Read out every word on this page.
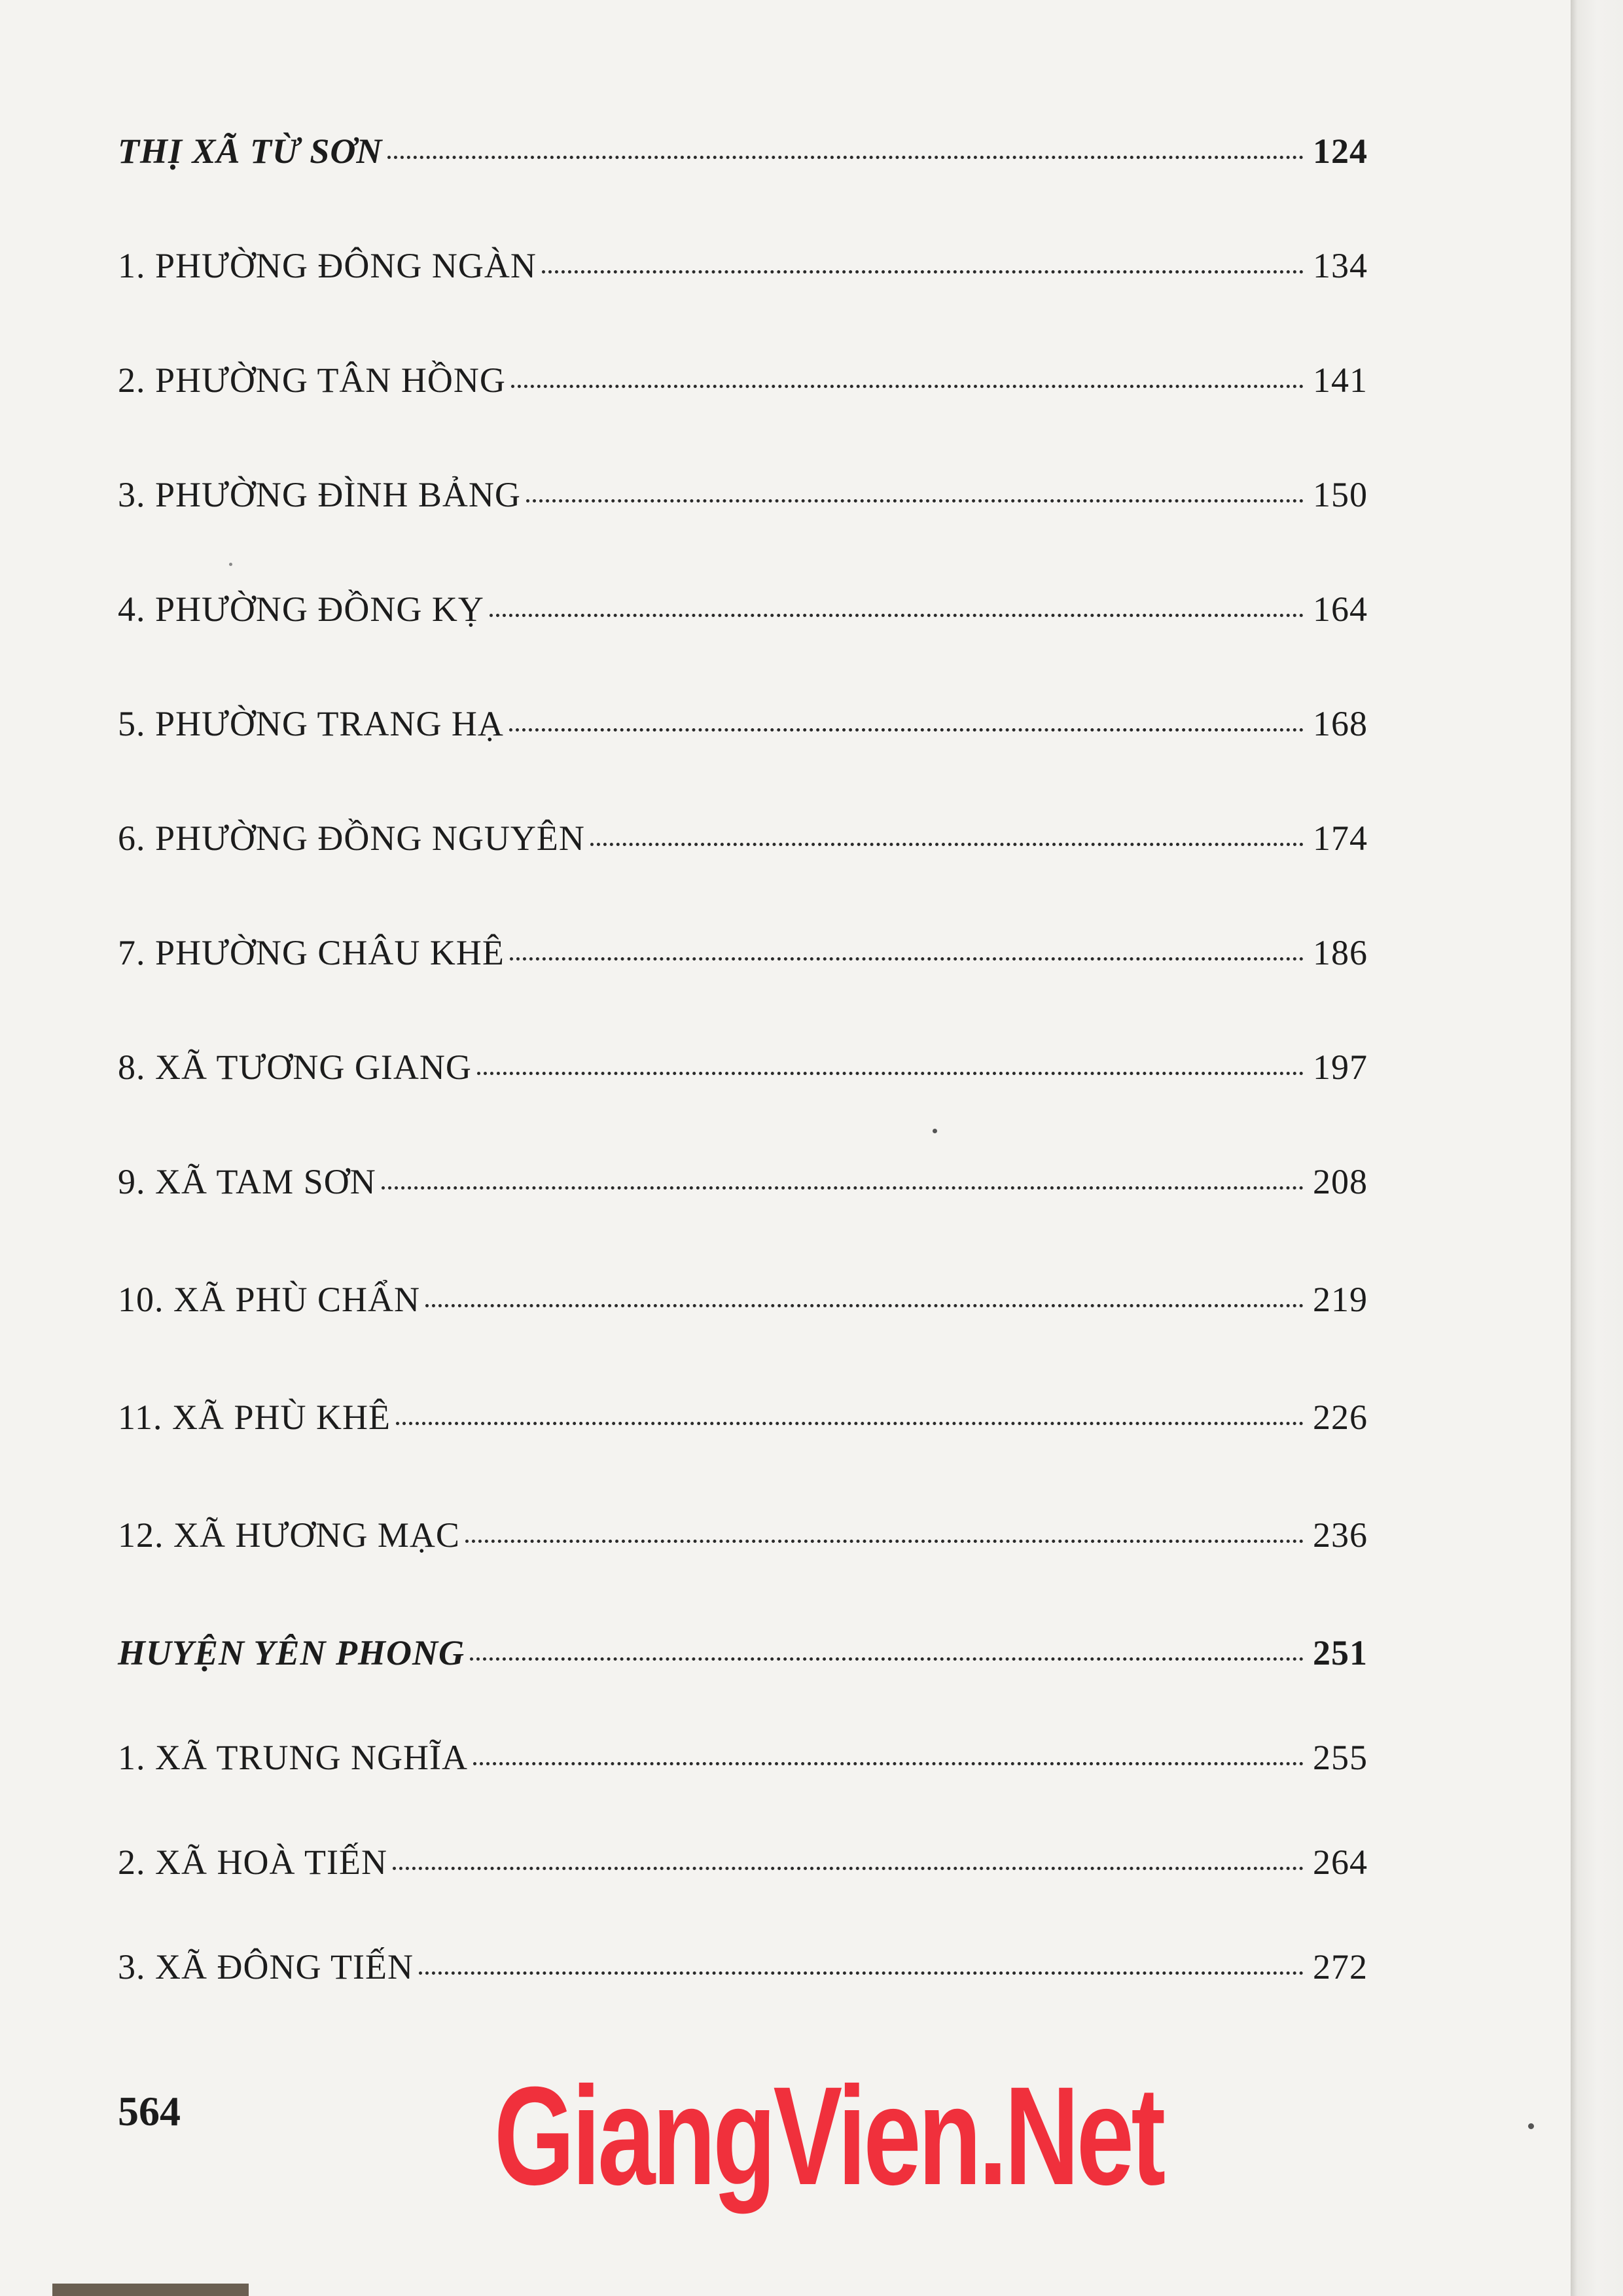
THỊ XÃ TỪ SƠN	124
1. PHƯỜNG ĐÔNG NGÀN	134
2. PHƯỜNG TÂN HỒNG	141
3. PHƯỜNG ĐÌNH BẢNG	150
4. PHƯỜNG ĐỒNG KỴ	164
5. PHƯỜNG TRANG HẠ	168
6. PHƯỜNG ĐỒNG NGUYÊN	174
7. PHƯỜNG CHÂU KHÊ	186
8. XÃ TƯƠNG GIANG	197
9. XÃ TAM SƠN	208
10. XÃ PHÙ CHẨN	219
11. XÃ PHÙ KHÊ	226
12. XÃ HƯƠNG MẠC	236
HUYỆN YÊN PHONG	251
1. XÃ TRUNG NGHĨA	255
2. XÃ HOÀ TIẾN	264
3. XÃ ĐÔNG TIẾN	272
564 GiangVien.Net
